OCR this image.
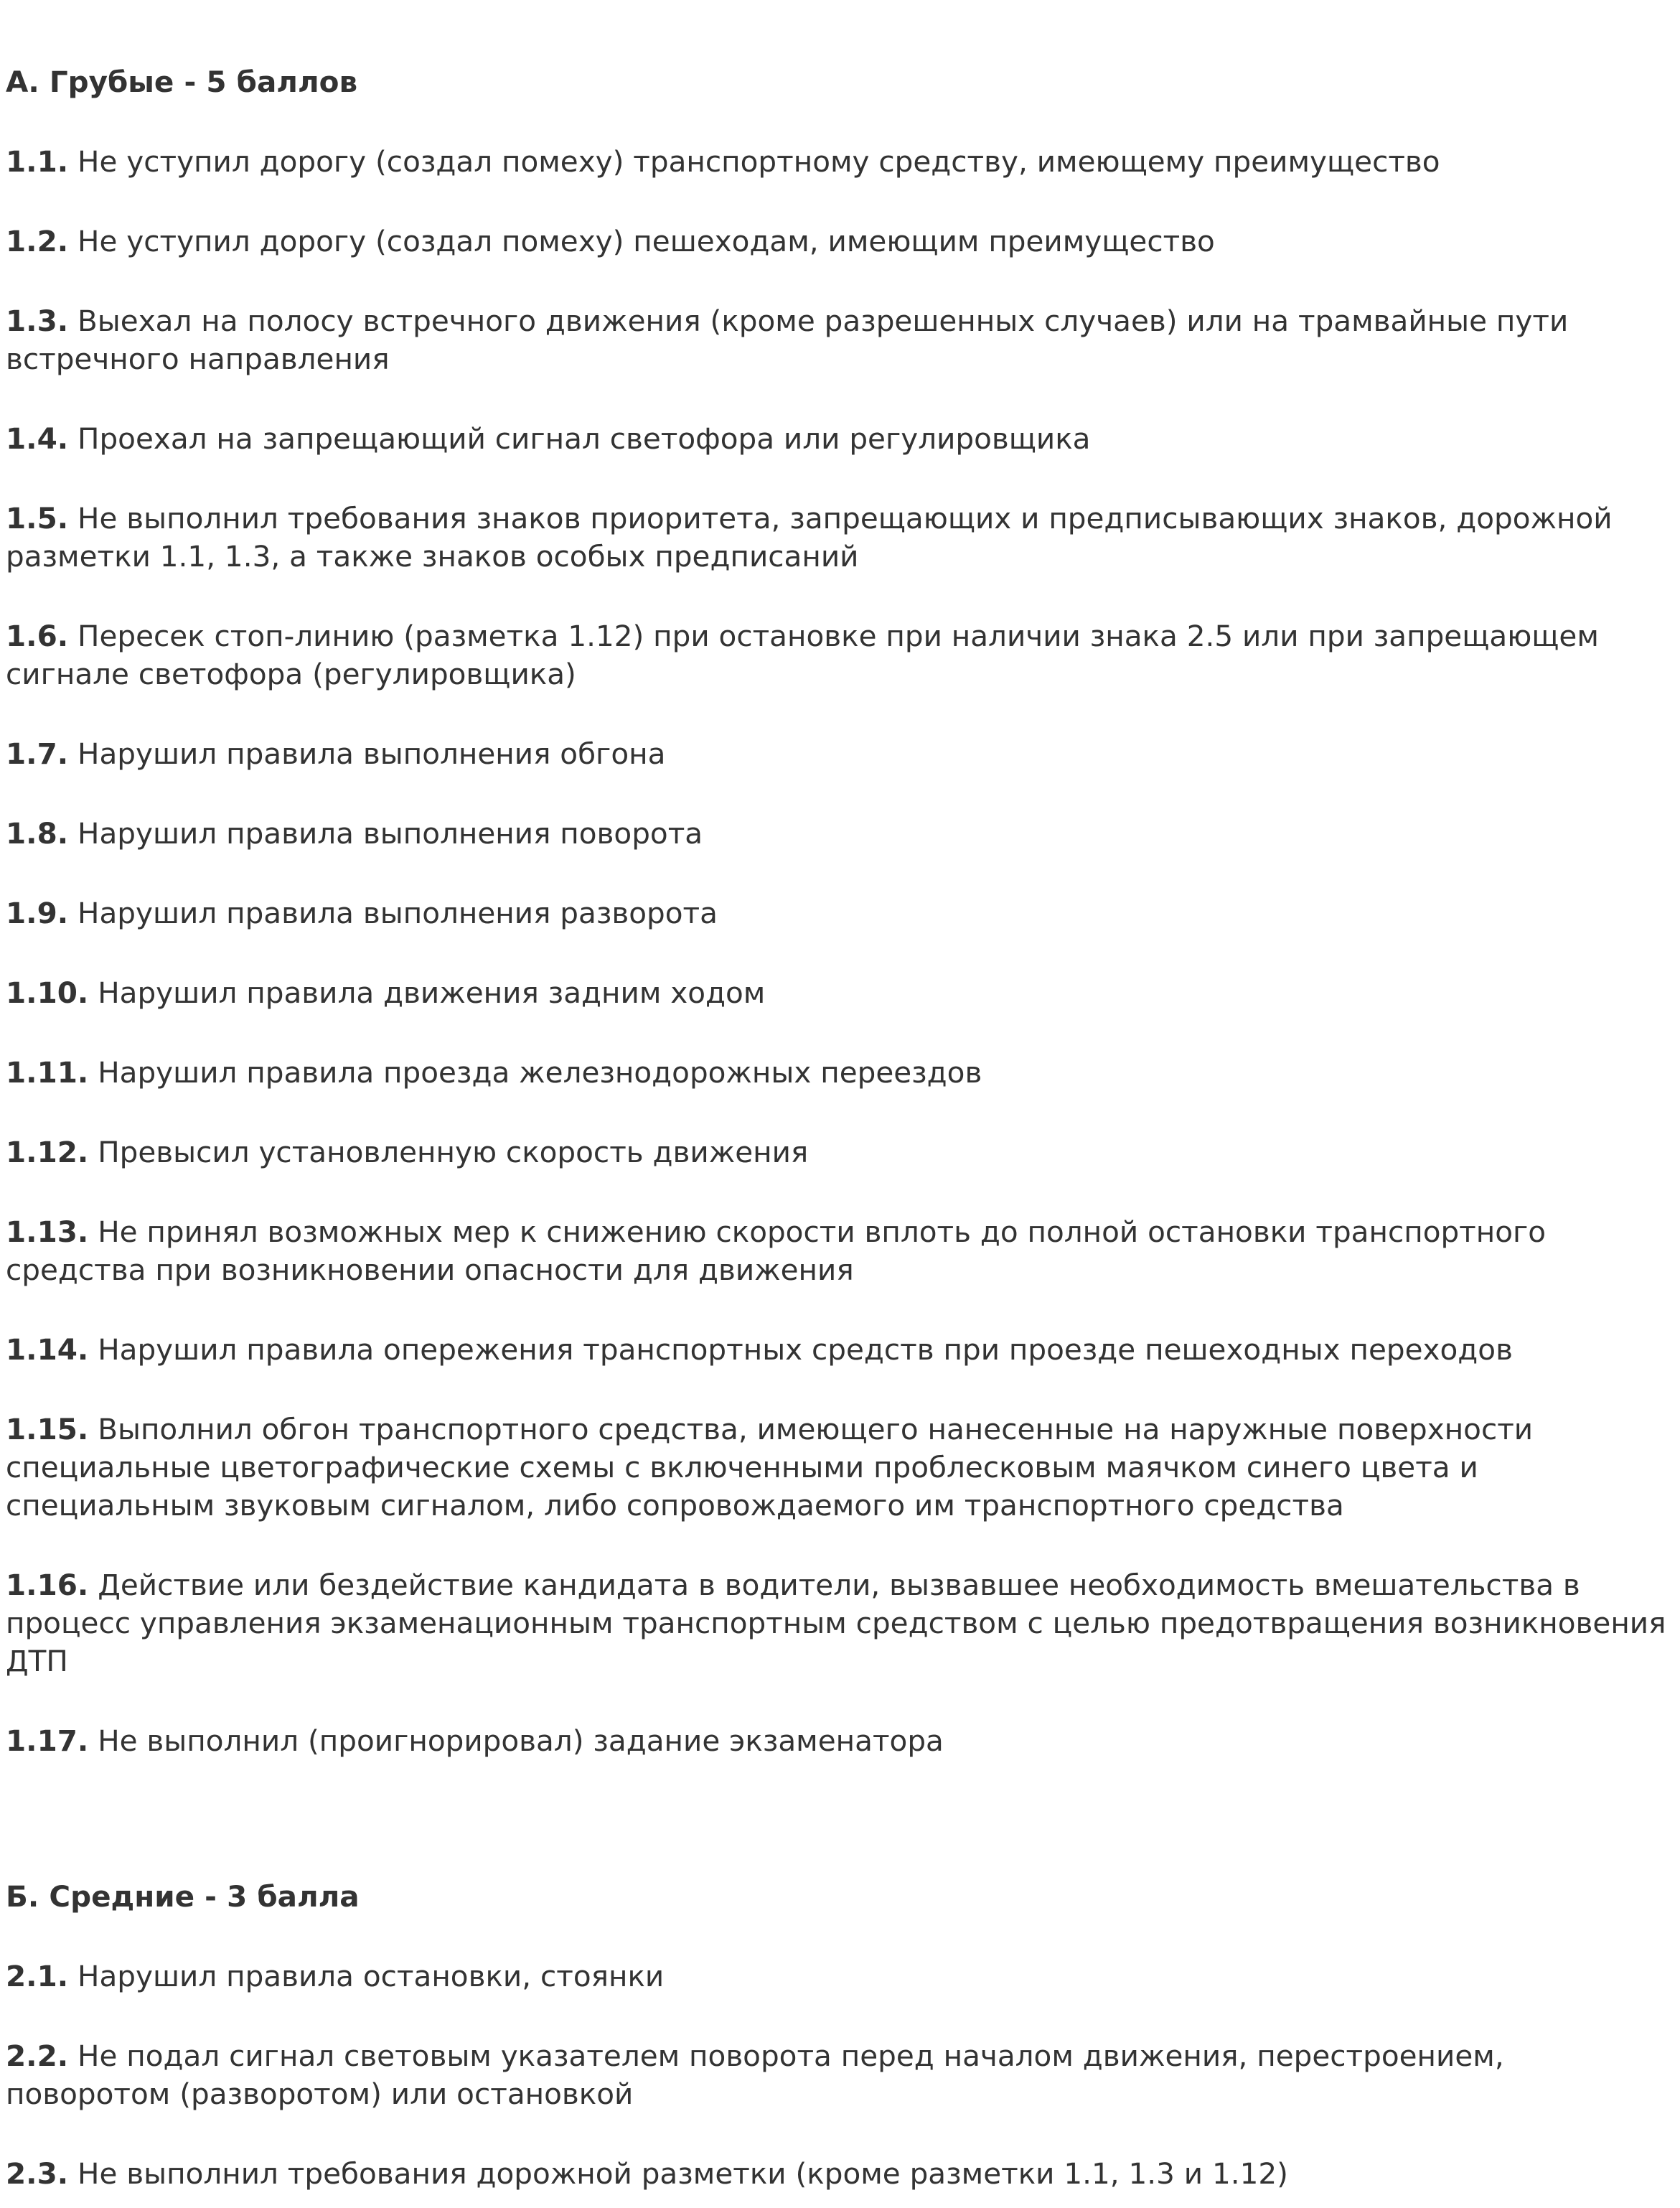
А. Грубые - 5 баллов

1.1. Не уступил дорогу (создал помеху) транспортному средству, имеющему преимущество

1.2. Не уступил дорогу (создал помеху) пешеходам, имеющим преимущество

1.3. Выехал на полосу встречного движения (кроме разрешенных случаев) или на трамвайные пути встречного направления

1.4. Проехал на запрещающий сигнал светофора или регулировщика

1.5. Не выполнил требования знаков приоритета, запрещающих и предписывающих знаков, дорожной разметки 1.1, 1.3, а также знаков особых предписаний

1.6. Пересек стоп-линию (разметка 1.12) при остановке при наличии знака 2.5 или при запрещающем сигнале светофора (регулировщика)

1.7. Нарушил правила выполнения обгона

1.8. Нарушил правила выполнения поворота

1.9. Нарушил правила выполнения разворота

1.10. Нарушил правила движения задним ходом

1.11. Нарушил правила проезда железнодорожных переездов

1.12. Превысил установленную скорость движения

1.13. Не принял возможных мер к снижению скорости вплоть до полной остановки транспортного средства при возникновении опасности для движения

1.14. Нарушил правила опережения транспортных средств при проезде пешеходных переходов

1.15. Выполнил обгон транспортного средства, имеющего нанесенные на наружные поверхности специальные цветографические схемы с включенными проблесковым маячком синего цвета и специальным звуковым сигналом, либо сопровождаемого им транспортного средства

1.16. Действие или бездействие кандидата в водители, вызвавшее необходимость вмешательства в процесс управления экзаменационным транспортным средством с целью предотвращения возникновения ДТП

1.17. Не выполнил (проигнорировал) задание экзаменатора

Б. Средние - 3 балла

2.1. Нарушил правила остановки, стоянки

2.2. Не подал сигнал световым указателем поворота перед началом движения, перестроением, поворотом (разворотом) или остановкой

2.3. Не выполнил требования дорожной разметки (кроме разметки 1.1, 1.3 и 1.12)
